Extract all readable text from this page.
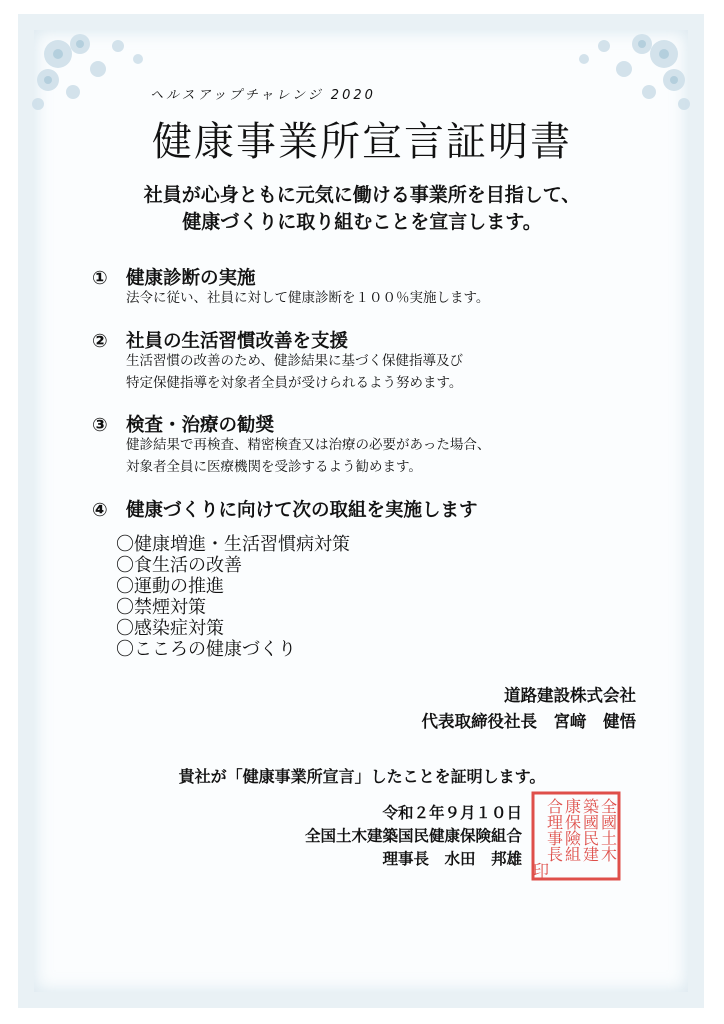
ヘルスアップチャレンジ 2020
健康事業所宣言証明書
社員が心身ともに元気に働ける事業所を目指して、
健康づくりに取り組むことを宣言します。
① 健康診断の実施
法令に従い、社員に対して健康診断を１００％実施します。
② 社員の生活習慣改善を支援
生活習慣の改善のため、健診結果に基づく保健指導及び
特定保健指導を対象者全員が受けられるよう努めます。
③ 検査・治療の勧奨
健診結果で再検査、精密検査又は治療の必要があった場合、
対象者全員に医療機関を受診するよう勧めます。
④ 健康づくりに向けて次の取組を実施します
〇健康増進・生活習慣病対策
〇食生活の改善
〇運動の推進
〇禁煙対策
〇感染症対策
〇こころの健康づくり
道路建設株式会社
代表取締役社長　宮﨑　健悟
貴社が「健康事業所宣言」したことを証明します。
令和２年９月１０日
全国土木建築国民健康保険組合
理事長　水田　邦雄	全國土木
築國民建
康保險組
合理事長
印
